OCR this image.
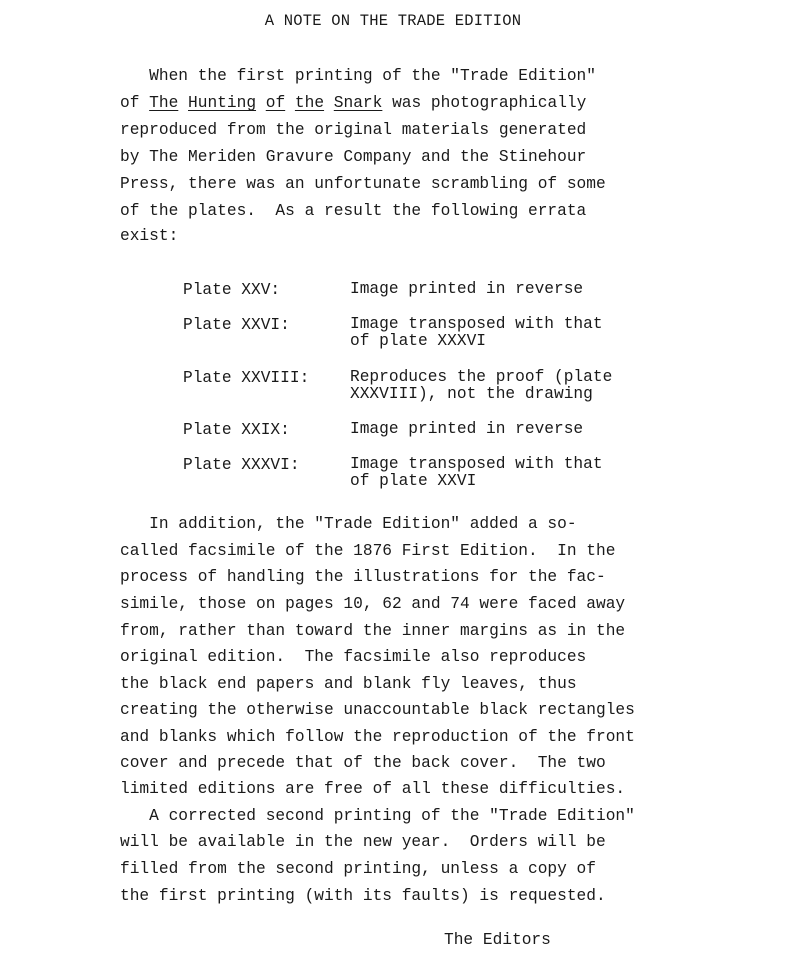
A NOTE ON THE TRADE EDITION
When the first printing of the "Trade Edition"
of The Hunting of the Snark was photographically
reproduced from the original materials generated
by The Meriden Gravure Company and the Stinehour
Press, there was an unfortunate scrambling of some
of the plates.  As a result the following errata
exist:
Plate XXV:	Image printed in reverse
Plate XXVI:	Image transposed with that
of plate XXXVI
Plate XXVIII:	Reproduces the proof (plate
XXXVIII), not the drawing
Plate XXIX:	Image printed in reverse
Plate XXXVI:	Image transposed with that
of plate XXVI
In addition, the "Trade Edition" added a so-
called facsimile of the 1876 First Edition.  In the
process of handling the illustrations for the fac-
simile, those on pages 10, 62 and 74 were faced away
from, rather than toward the inner margins as in the
original edition.  The facsimile also reproduces
the black end papers and blank fly leaves, thus
creating the otherwise unaccountable black rectangles
and blanks which follow the reproduction of the front
cover and precede that of the back cover.  The two
limited editions are free of all these difficulties.
A corrected second printing of the "Trade Edition"
will be available in the new year.  Orders will be
filled from the second printing, unless a copy of
the first printing (with its faults) is requested.
The Editors
